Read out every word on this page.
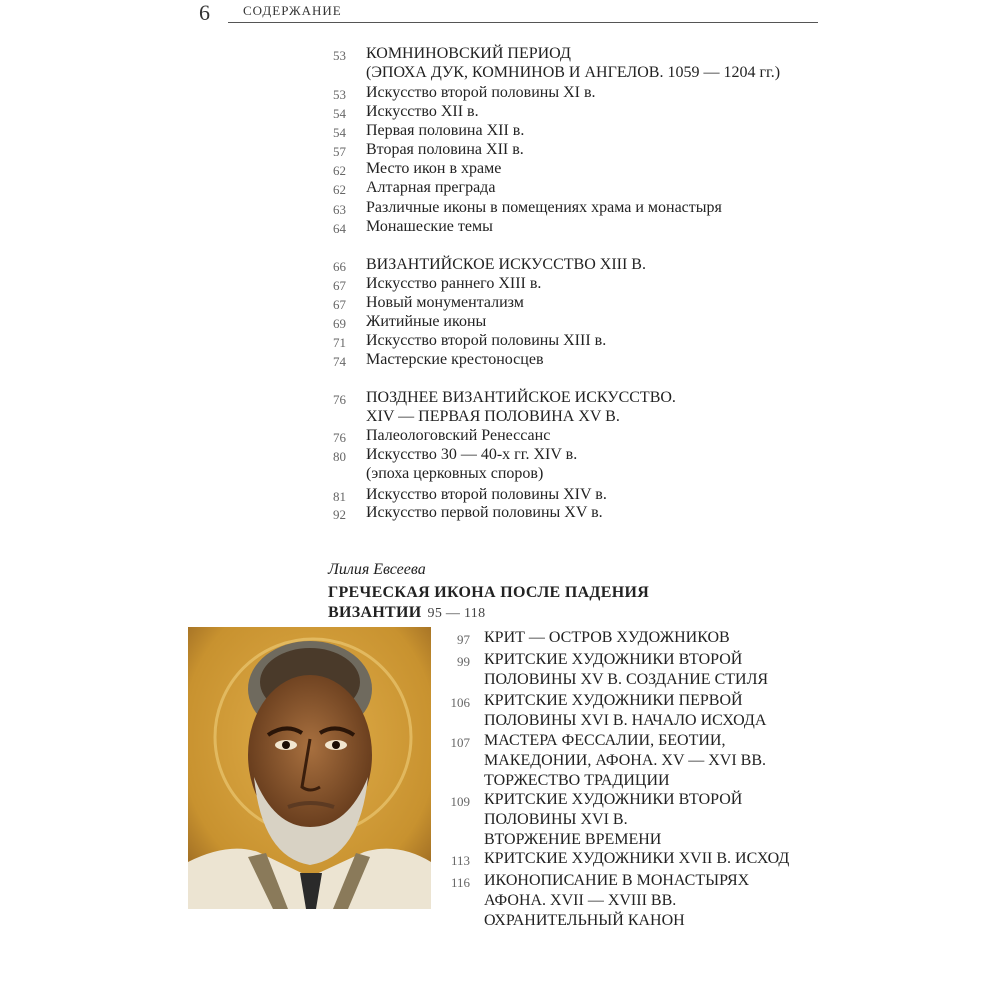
6	СОДЕРЖАНИЕ
53 КОМНИНОВСКИЙ ПЕРИОД
(ЭПОХА ДУК, КОМНИНОВ И АНГЕЛОВ. 1059 — 1204 гг.)
53 Искусство второй половины XI в.
54 Искусство XII в.
54 Первая половина XII в.
57 Вторая половина XII в.
62 Место икон в храме
62 Алтарная преграда
63 Различные иконы в помещениях храма и монастыря
64 Монашеские темы
66 ВИЗАНТИЙСКОЕ ИСКУССТВО XIII В.
67 Искусство раннего XIII в.
67 Новый монументализм
69 Житийные иконы
71 Искусство второй половины XIII в.
74 Мастерские крестоносцев
76 ПОЗДНЕЕ ВИЗАНТИЙСКОЕ ИСКУССТВО.
XIV — ПЕРВАЯ ПОЛОВИНА XV В.
76 Палеологовский Ренессанс
80 Искусство 30 — 40-х гг. XIV в.
(эпоха церковных споров)
81 Искусство второй половины XIV в.
92 Искусство первой половины XV в.
Лилия Евсеева
ГРЕЧЕСКАЯ ИКОНА ПОСЛЕ ПАДЕНИЯ
ВИЗАНТИИ 95 — 118
97 КРИТ — ОСТРОВ ХУДОЖНИКОВ
99 КРИТСКИЕ ХУДОЖНИКИ ВТОРОЙ
ПОЛОВИНЫ XV В. СОЗДАНИЕ СТИЛЯ
106 КРИТСКИЕ ХУДОЖНИКИ ПЕРВОЙ
ПОЛОВИНЫ XVI В. НАЧАЛО ИСХОДА
107 МАСТЕРА ФЕССАЛИИ, БЕОТИИ,
МАКЕДОНИИ, АФОНА. XV — XVI ВВ.
ТОРЖЕСТВО ТРАДИЦИИ
109 КРИТСКИЕ ХУДОЖНИКИ ВТОРОЙ
ПОЛОВИНЫ XVI В.
ВТОРЖЕНИЕ ВРЕМЕНИ
113 КРИТСКИЕ ХУДОЖНИКИ XVII В. ИСХОД
116 ИКОНОПИСАНИЕ В МОНАСТЫРЯХ
АФОНА. XVII — XVIII ВВ.
ОХРАНИТЕЛЬНЫЙ КАНОН
